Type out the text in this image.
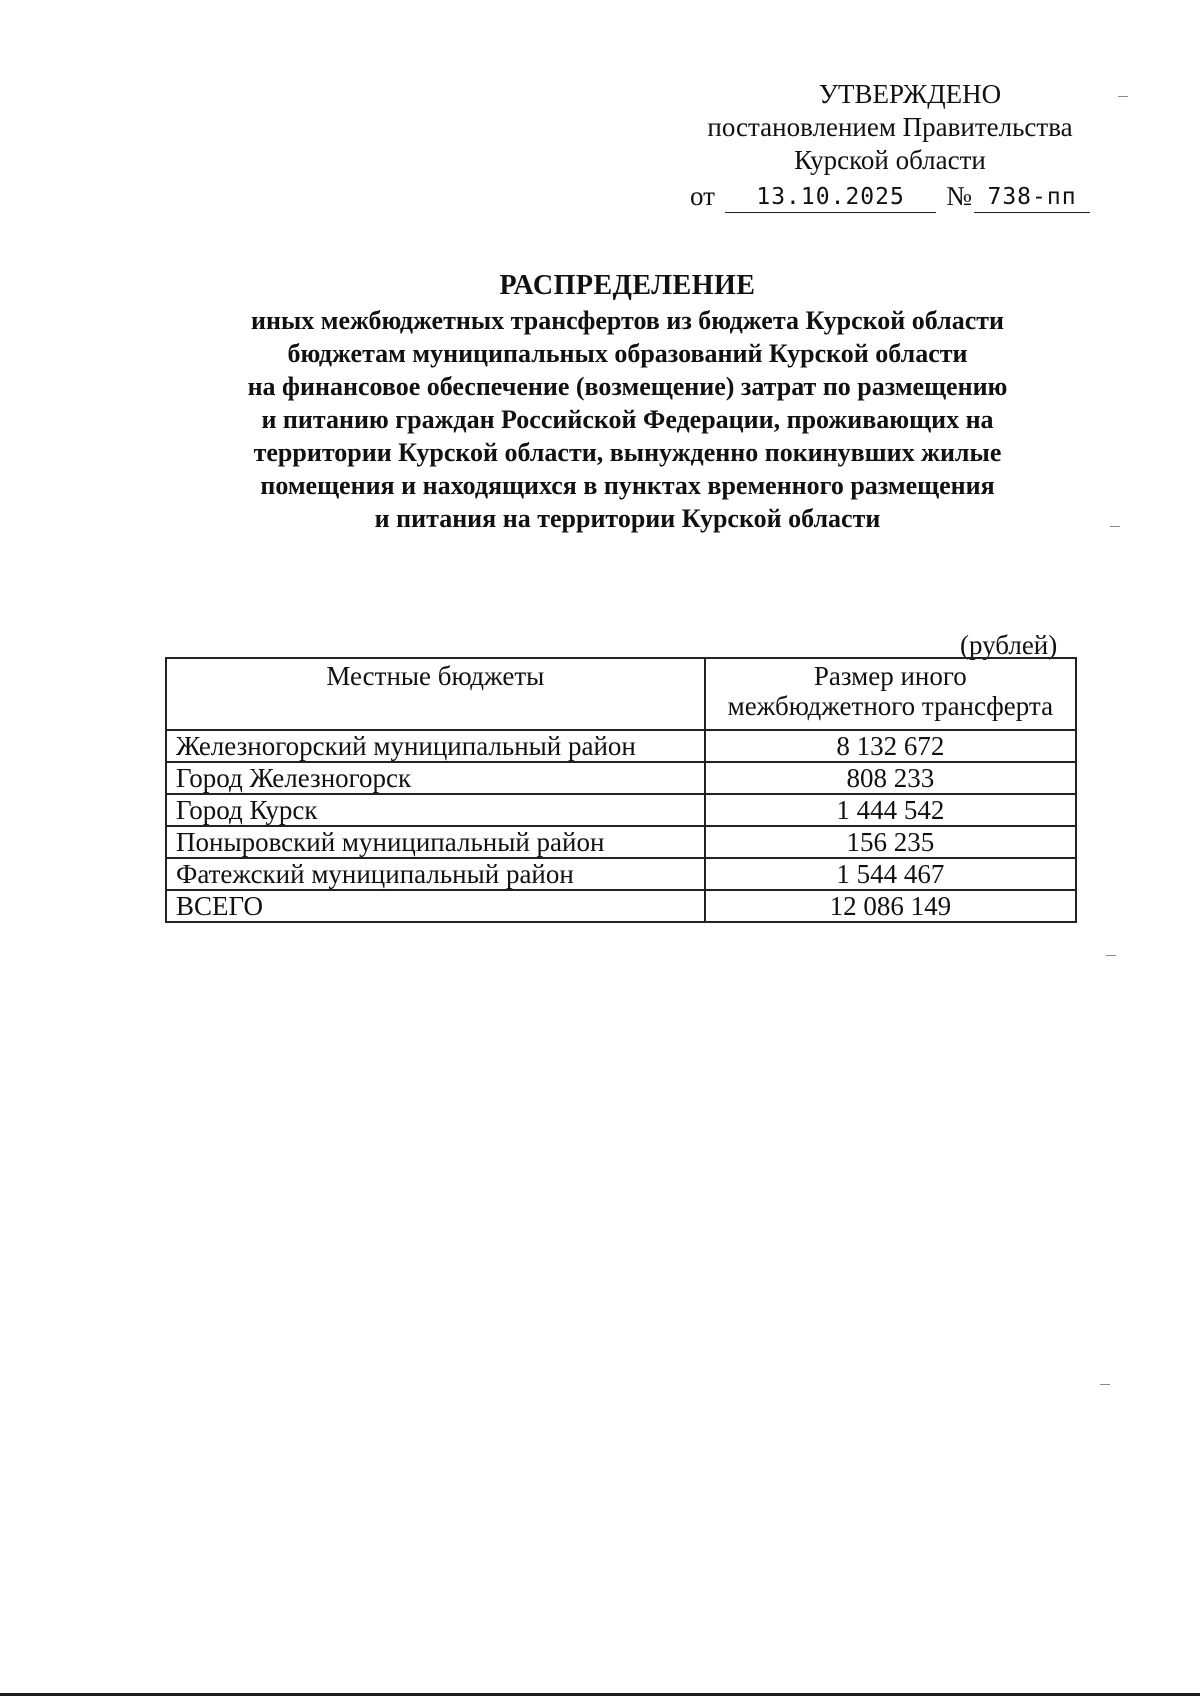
УТВЕРЖДЕНО
постановлением Правительства
Курской области
от	13.10.2025	№ 738-пп
РАСПРЕДЕЛЕНИЕ
иных межбюджетных трансфертов из бюджета Курской области
бюджетам муниципальных образований Курской области
на финансовое обеспечение (возмещение) затрат по размещению
и питанию граждан Российской Федерации, проживающих на
территории Курской области, вынужденно покинувших жилые
помещения и находящихся в пунктах временного размещения
и питания на территории Курской области
(рублей)
Местные бюджеты	Размер иного
межбюджетного трансферта

Железногорский муниципальный район	8 132 672
Город Железногорск	808 233
Город Курск	1 444 542
Поныровский муниципальный район	156 235
Фатежский муниципальный район	1 544 467
ВСЕГО	12 086 149
